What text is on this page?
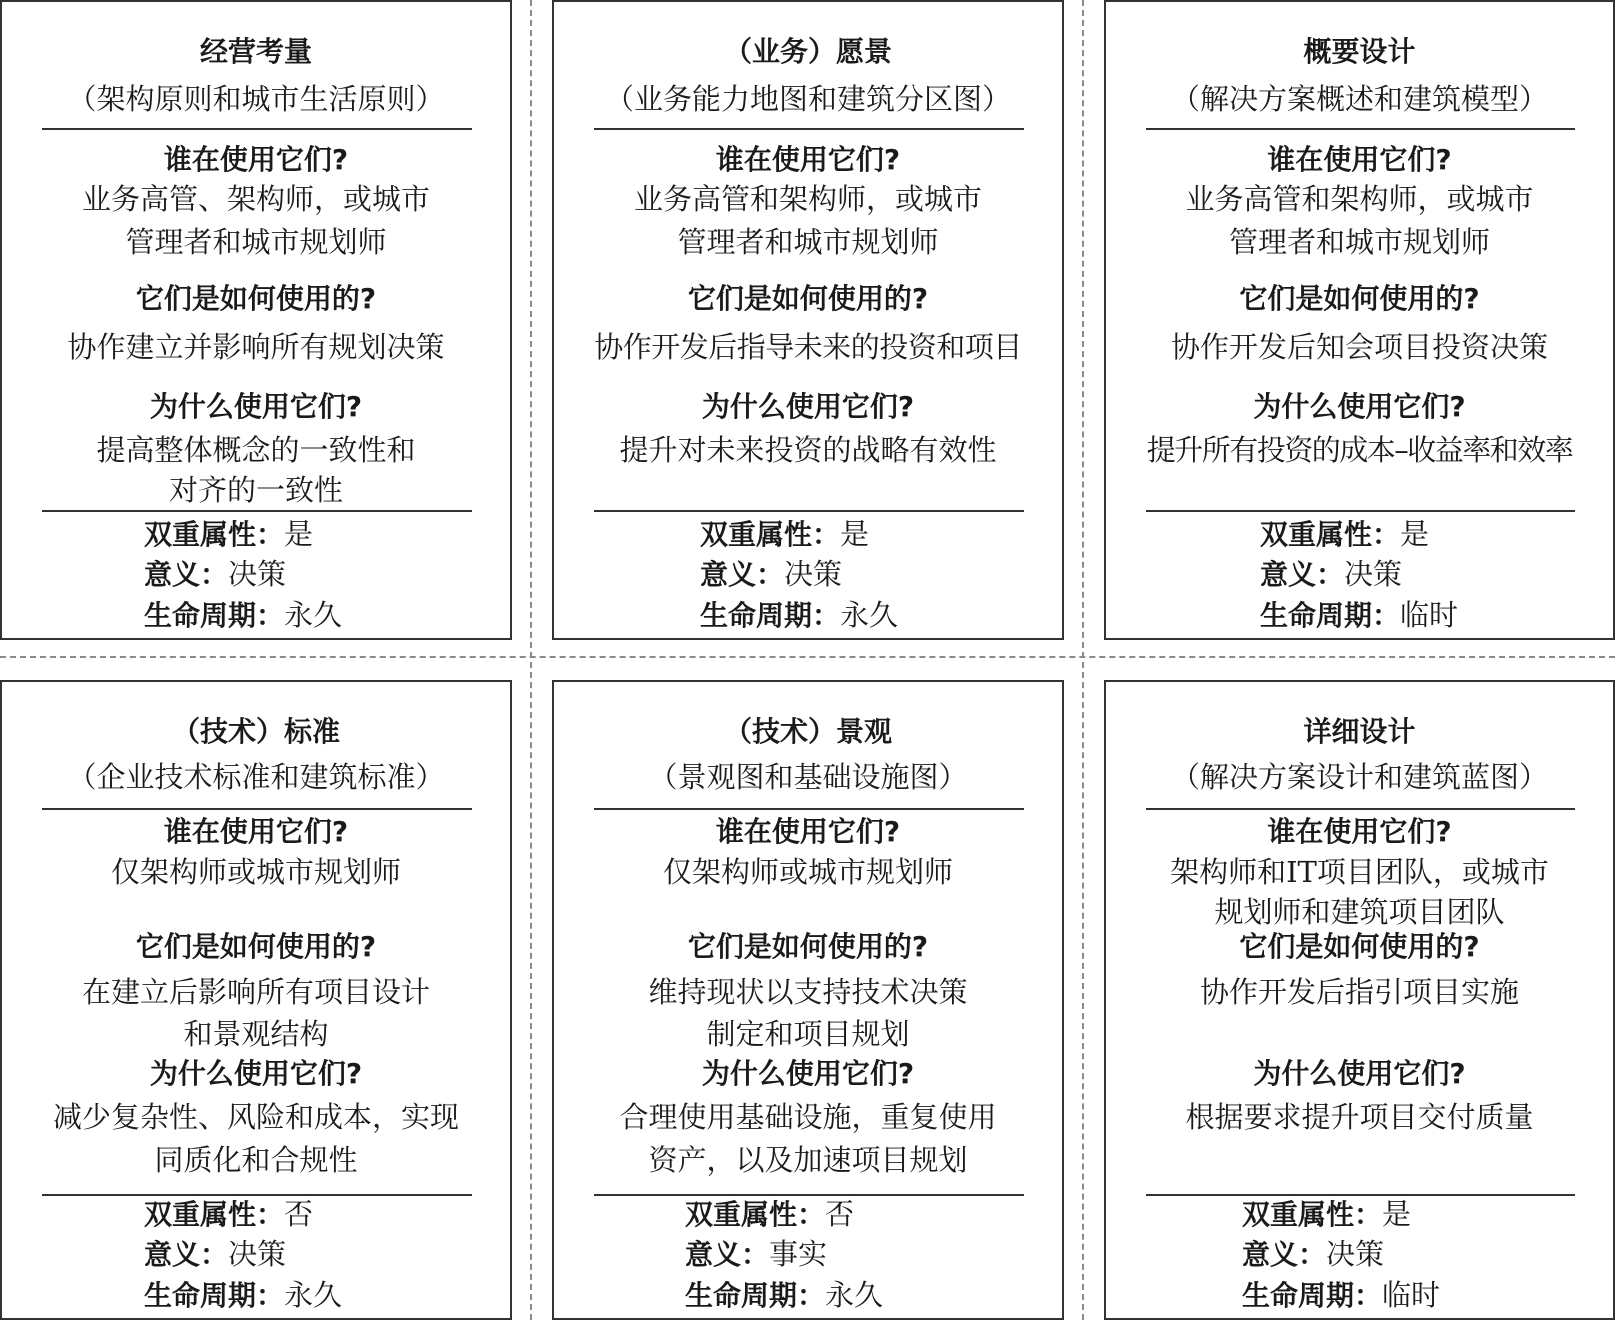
经营考量

（架构原则和城市生活原则）

谁在使用它们?

业务高管、架构师，或城市

管理者和城市规划师

它们是如何使用的?

协作建立并影响所有规划决策

为什么使用它们?

提高整体概念的一致性和

对齐的一致性

双重属性：是

意义：决策

生命周期：永久

（业务）愿景

（业务能力地图和建筑分区图）

谁在使用它们?

业务高管和架构师，或城市

管理者和城市规划师

它们是如何使用的?

协作开发后指导未来的投资和项目

为什么使用它们?

提升对未来投资的战略有效性

双重属性：是

意义：决策

生命周期：永久

概要设计

（解决方案概述和建筑模型）

谁在使用它们?

业务高管和架构师，或城市

管理者和城市规划师

它们是如何使用的?

协作开发后知会项目投资决策

为什么使用它们?

提升所有投资的成本–收益率和效率

双重属性：是

意义：决策

生命周期：临时

（技术）标准

（企业技术标准和建筑标准）

谁在使用它们?

仅架构师或城市规划师

它们是如何使用的?

在建立后影响所有项目设计

和景观结构

为什么使用它们?

减少复杂性、风险和成本，实现

同质化和合规性

双重属性：否

意义：决策

生命周期：永久

（技术）景观

（景观图和基础设施图）

谁在使用它们?

仅架构师或城市规划师

它们是如何使用的?

维持现状以支持技术决策

制定和项目规划

为什么使用它们?

合理使用基础设施，重复使用

资产，以及加速项目规划

双重属性：否

意义：事实

生命周期：永久

详细设计

（解决方案设计和建筑蓝图）

谁在使用它们?

架构师和IT项目团队，或城市

规划师和建筑项目团队

它们是如何使用的?

协作开发后指引项目实施

为什么使用它们?

根据要求提升项目交付质量

双重属性：是

意义：决策

生命周期：临时
